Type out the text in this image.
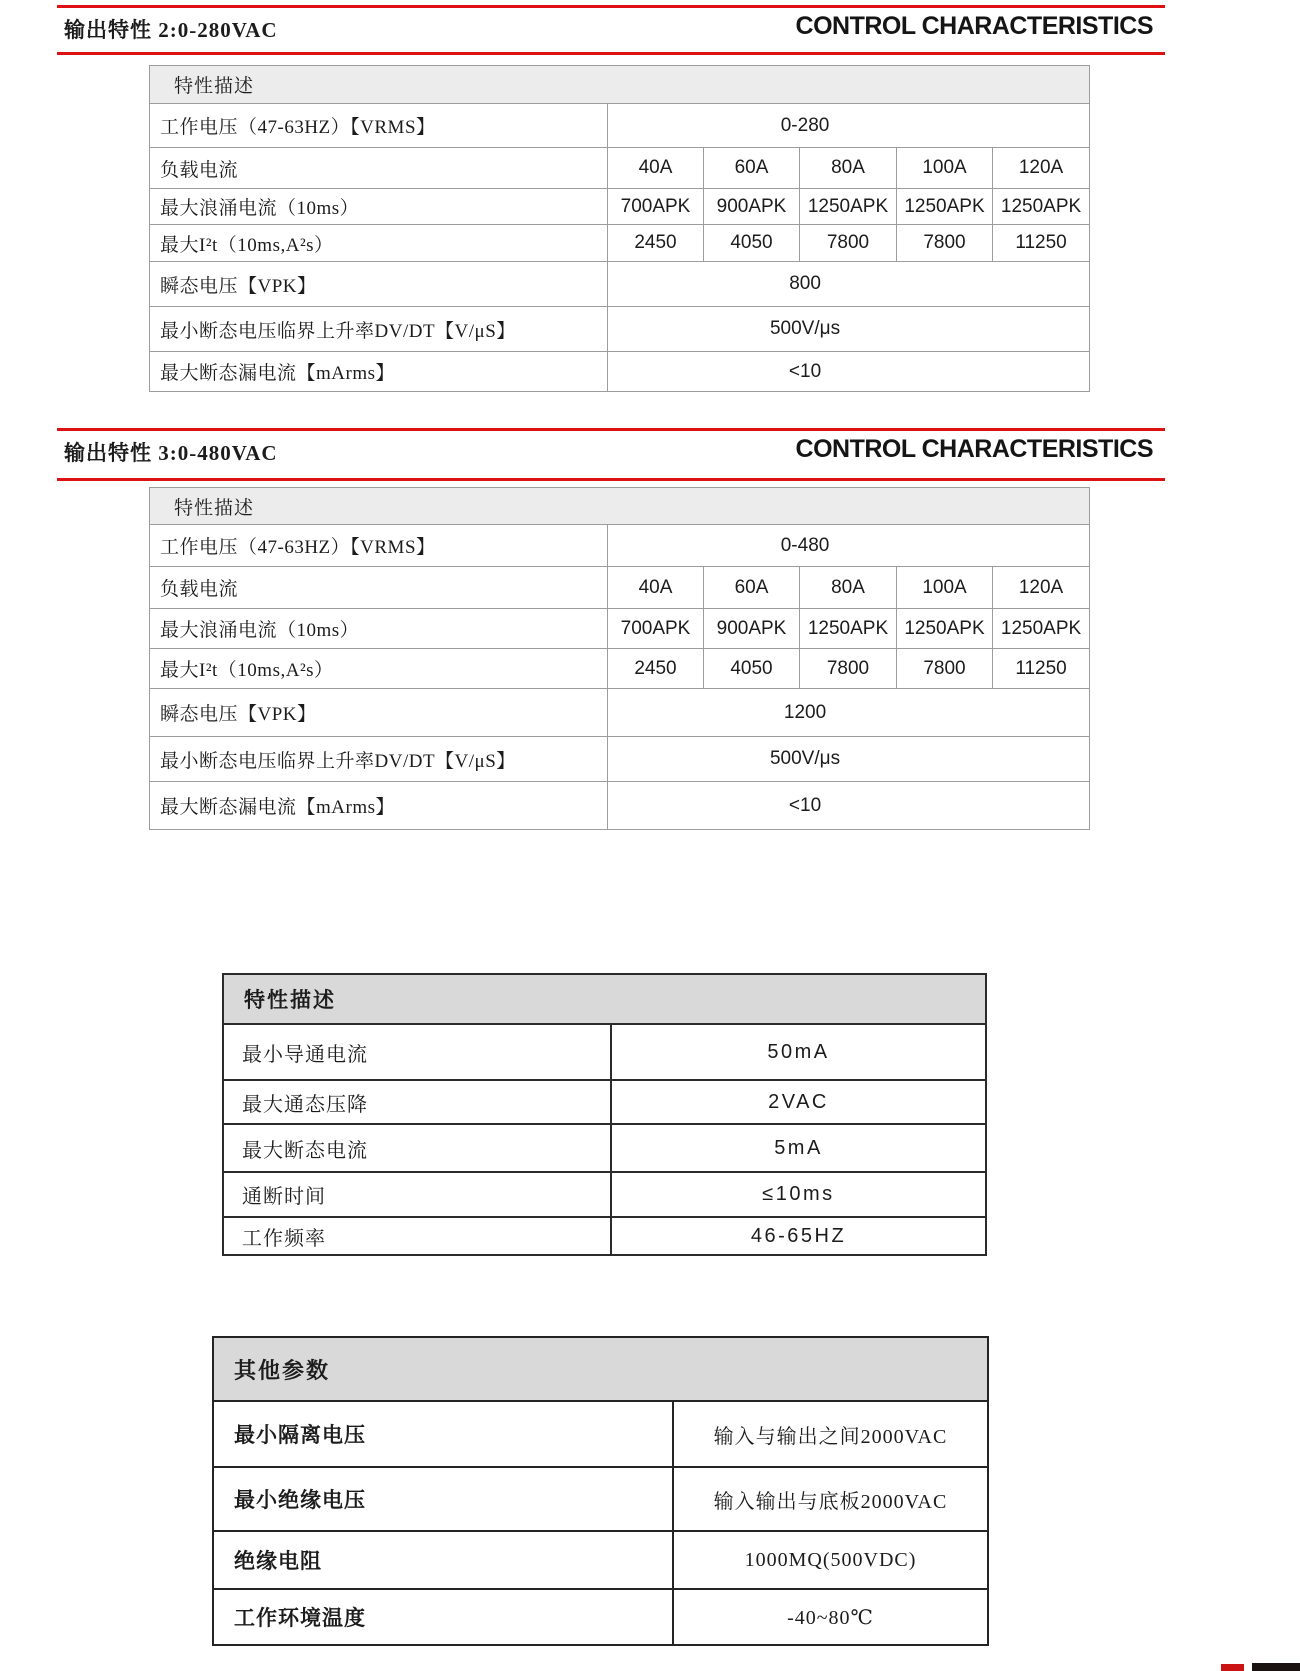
输出特性 2:0-280VAC	CONTROL CHARACTERISTICS
特性描述					
工作电压（47-63HZ）【VRMS】	0-280				
负载电流	40A	60A	80A	100A	120A
最大浪涌电流（10ms）	700APK	900APK	1250APK	1250APK	1250APK
最大I²t（10ms,A²s）	2450	4050	7800	7800	11250
瞬态电压【VPK】	800				
最小断态电压临界上升率DV/DT【V/μS】	500V/μs				
最大断态漏电流【mArms】	<10				
输出特性 3:0-480VAC	CONTROL CHARACTERISTICS
特性描述					
工作电压（47-63HZ）【VRMS】	0-480				
负载电流	40A	60A	80A	100A	120A
最大浪涌电流（10ms）	700APK	900APK	1250APK	1250APK	1250APK
最大I²t（10ms,A²s）	2450	4050	7800	7800	11250
瞬态电压【VPK】	1200				
最小断态电压临界上升率DV/DT【V/μS】	500V/μs				
最大断态漏电流【mArms】	<10				
特性描述	
最小导通电流	50mA
最大通态压降	2VAC
最大断态电流	5mA
通断时间	≤10ms
工作频率	46-65HZ
其他参数	
最小隔离电压	输入与输出之间2000VAC
最小绝缘电压	输入输出与底板2000VAC
绝缘电阻	1000MQ(500VDC)
工作环境温度	-40~80℃
